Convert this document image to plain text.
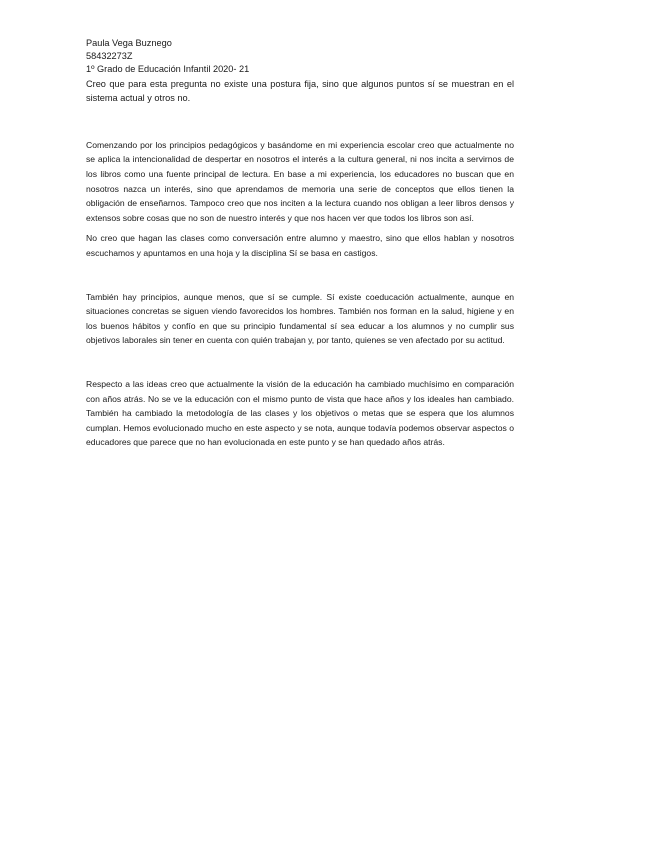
Paula Vega Buznego
58432273Z
1º Grado de Educación Infantil 2020- 21

Creo que para esta pregunta no existe una postura fija, sino que algunos puntos sí se muestran en el sistema actual y otros no.

Comenzando por los principios pedagógicos y basándome en mi experiencia escolar creo que actualmente no se aplica la intencionalidad de despertar en nosotros el interés a la cultura general, ni nos incita a servirnos de los libros como una fuente principal de lectura. En base a mi experiencia, los educadores no buscan que en nosotros nazca un interés, sino que aprendamos de memoria una serie de conceptos que ellos tienen la obligación de enseñarnos. Tampoco creo que nos inciten a la lectura cuando nos obligan a leer libros densos y extensos sobre cosas que no son de nuestro interés y que nos hacen ver que todos los libros son así.

No creo que hagan las clases como conversación entre alumno y maestro, sino que ellos hablan y nosotros escuchamos y apuntamos en una hoja y la disciplina Sí se basa en castigos.

También hay principios, aunque menos, que sí se cumple. Sí existe coeducación actualmente, aunque en situaciones concretas se siguen viendo favorecidos los hombres. También nos forman en la salud, higiene y en los buenos hábitos y confío en que su principio fundamental sí sea educar a los alumnos y no cumplir sus objetivos laborales sin tener en cuenta con quién trabajan y, por tanto, quienes se ven afectado por su actitud.

Respecto a las ideas creo que actualmente la visión de la educación ha cambiado muchísimo en comparación con años atrás. No se ve la educación con el mismo punto de vista que hace años y los ideales han cambiado. También ha cambiado la metodología de las clases y los objetivos o metas que se espera que los alumnos cumplan. Hemos evolucionado mucho en este aspecto y se nota, aunque todavía podemos observar aspectos o educadores que parece que no han evolucionada en este punto y se han quedado años atrás.
